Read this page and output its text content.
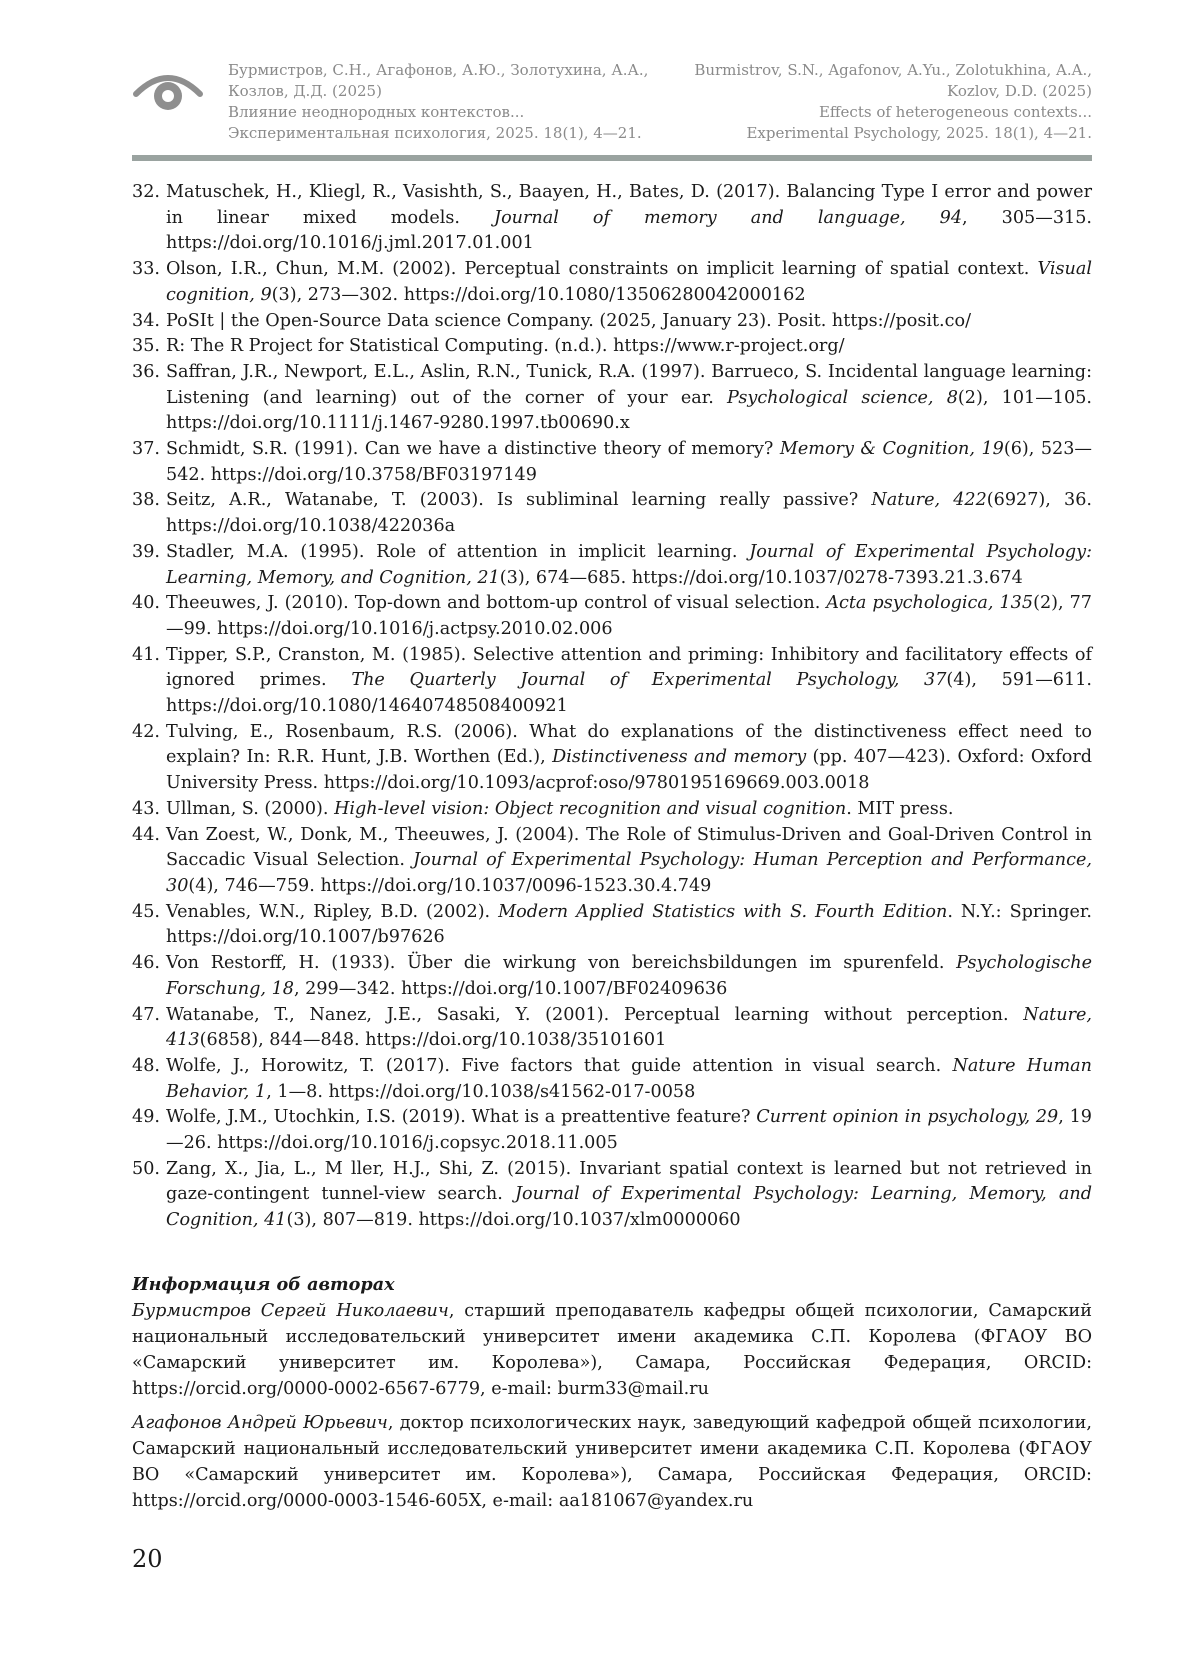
Бурмистров, С.Н., Агафонов, А.Ю., Золотухина, А.А.,
Козлов, Д.Д. (2025)
Влияние неоднородных контекстов...
Экспериментальная психология, 2025. 18(1), 4—21.
Burmistrov, S.N., Agafonov, A.Yu., Zolotukhina, A.A.,
Kozlov, D.D. (2025)
Effects of heterogeneous contexts...
Experimental Psychology, 2025. 18(1), 4—21.
32. Matuschek, H., Kliegl, R., Vasishth, S., Baayen, H., Bates, D. (2017). Balancing Type I error and power in linear mixed models. Journal of memory and language, 94, 305—315. https://doi.org/10.1016/j.jml.2017.01.001
33. Olson, I.R., Chun, M.M. (2002). Perceptual constraints on implicit learning of spatial context. Visual cognition, 9(3), 273—302. https://doi.org/10.1080/13506280042000162
34. PoSIt | the Open-Source Data science Company. (2025, January 23). Posit. https://posit.co/
35. R: The R Project for Statistical Computing. (n.d.). https://www.r-project.org/
36. Saffran, J.R., Newport, E.L., Aslin, R.N., Tunick, R.A. (1997). Barrueco, S. Incidental language learning: Listening (and learning) out of the corner of your ear. Psychological science, 8(2), 101—105. https://doi.org/10.1111/j.1467-9280.1997.tb00690.x
37. Schmidt, S.R. (1991). Can we have a distinctive theory of memory? Memory & Cognition, 19(6), 523—542. https://doi.org/10.3758/BF03197149
38. Seitz, A.R., Watanabe, T. (2003). Is subliminal learning really passive? Nature, 422(6927), 36. https://doi.org/10.1038/422036a
39. Stadler, M.A. (1995). Role of attention in implicit learning. Journal of Experimental Psychology: Learning, Memory, and Cognition, 21(3), 674—685. https://doi.org/10.1037/0278-7393.21.3.674
40. Theeuwes, J. (2010). Top-down and bottom-up control of visual selection. Acta psychologica, 135(2), 77—99. https://doi.org/10.1016/j.actpsy.2010.02.006
41. Tipper, S.P., Cranston, M. (1985). Selective attention and priming: Inhibitory and facilitatory effects of ignored primes. The Quarterly Journal of Experimental Psychology, 37(4), 591—611. https://doi.org/10.1080/14640748508400921
42. Tulving, E., Rosenbaum, R.S. (2006). What do explanations of the distinctiveness effect need to explain? In: R.R. Hunt, J.B. Worthen (Ed.), Distinctiveness and memory (pp. 407—423). Oxford: Oxford University Press. https://doi.org/10.1093/acprof:oso/9780195169669.003.0018
43. Ullman, S. (2000). High-level vision: Object recognition and visual cognition. MIT press.
44. Van Zoest, W., Donk, M., Theeuwes, J. (2004). The Role of Stimulus-Driven and Goal-Driven Control in Saccadic Visual Selection. Journal of Experimental Psychology: Human Perception and Performance, 30(4), 746—759. https://doi.org/10.1037/0096-1523.30.4.749
45. Venables, W.N., Ripley, B.D. (2002). Modern Applied Statistics with S. Fourth Edition. N.Y.: Springer. https://doi.org/10.1007/b97626
46. Von Restorff, H. (1933). Über die wirkung von bereichsbildungen im spurenfeld. Psychologische Forschung, 18, 299—342. https://doi.org/10.1007/BF02409636
47. Watanabe, T., Nanez, J.E., Sasaki, Y. (2001). Perceptual learning without perception. Nature, 413(6858), 844—848. https://doi.org/10.1038/35101601
48. Wolfe, J., Horowitz, T. (2017). Five factors that guide attention in visual search. Nature Human Behavior, 1, 1—8. https://doi.org/10.1038/s41562-017-0058
49. Wolfe, J.M., Utochkin, I.S. (2019). What is a preattentive feature? Current opinion in psychology, 29, 19—26. https://doi.org/10.1016/j.copsyc.2018.11.005
50. Zang, X., Jia, L., M ller, H.J., Shi, Z. (2015). Invariant spatial context is learned but not retrieved in gaze-contingent tunnel-view search. Journal of Experimental Psychology: Learning, Memory, and Cognition, 41(3), 807—819. https://doi.org/10.1037/xlm0000060

Информация об авторах

Бурмистров Сергей Николаевич, старший преподаватель кафедры общей психологии, Самарский национальный исследовательский университет имени академика С.П. Королева (ФГАОУ ВО «Самарский университет им. Королева»), Самара, Российская Федерация, ORCID: https://orcid.org/0000-0002-6567-6779, e-mail: burm33@mail.ru

Агафонов Андрей Юрьевич, доктор психологических наук, заведующий кафедрой общей психологии, Самарский национальный исследовательский университет имени академика С.П. Королева (ФГАОУ ВО «Самарский университет им. Королева»), Самара, Российская Федерация, ORCID: https://orcid.org/0000-0003-1546-605X, e-mail: aa181067@yandex.ru

20
